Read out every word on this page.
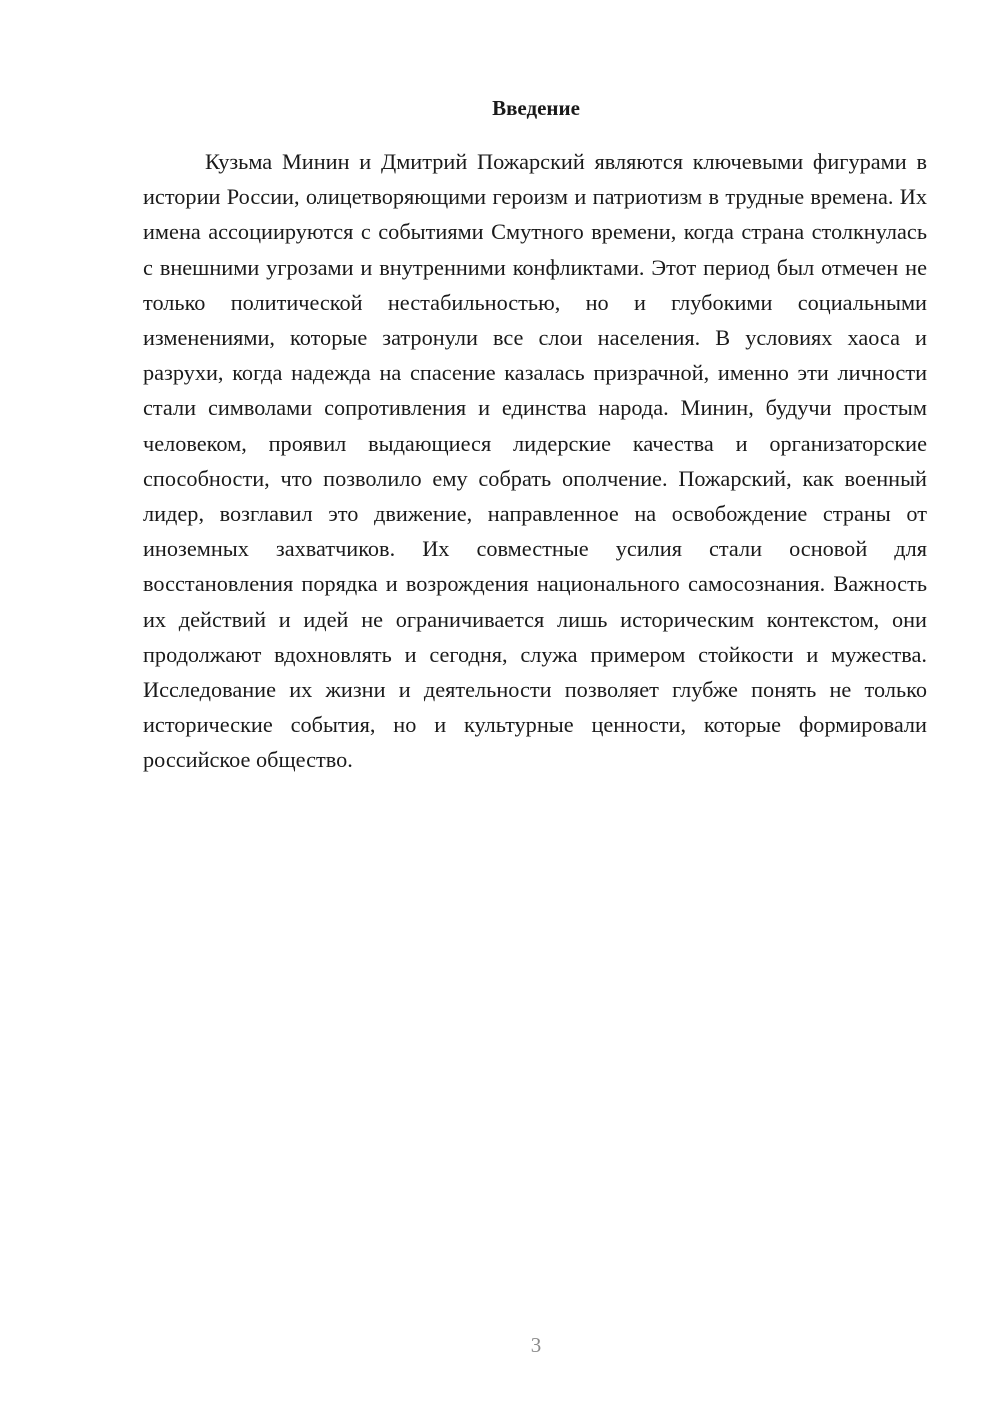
Введение

Кузьма Минин и Дмитрий Пожарский являются ключевыми фигурами в истории России, олицетворяющими героизм и патриотизм в трудные времена. Их имена ассоциируются с событиями Смутного времени, когда страна столкнулась с внешними угрозами и внутренними конфликтами. Этот период был отмечен не только политической нестабильностью, но и глубокими социальными изменениями, которые затронули все слои населения. В условиях хаоса и разрухи, когда надежда на спасение казалась призрачной, именно эти личности стали символами сопротивления и единства народа. Минин, будучи простым человеком, проявил выдающиеся лидерские качества и организаторские способности, что позволило ему собрать ополчение. Пожарский, как военный лидер, возглавил это движение, направленное на освобождение страны от иноземных захватчиков. Их совместные усилия стали основой для восстановления порядка и возрождения национального самосознания. Важность их действий и идей не ограничивается лишь историческим контекстом, они продолжают вдохновлять и сегодня, служа примером стойкости и мужества. Исследование их жизни и деятельности позволяет глубже понять не только исторические события, но и культурные ценности, которые формировали российское общество.

3
